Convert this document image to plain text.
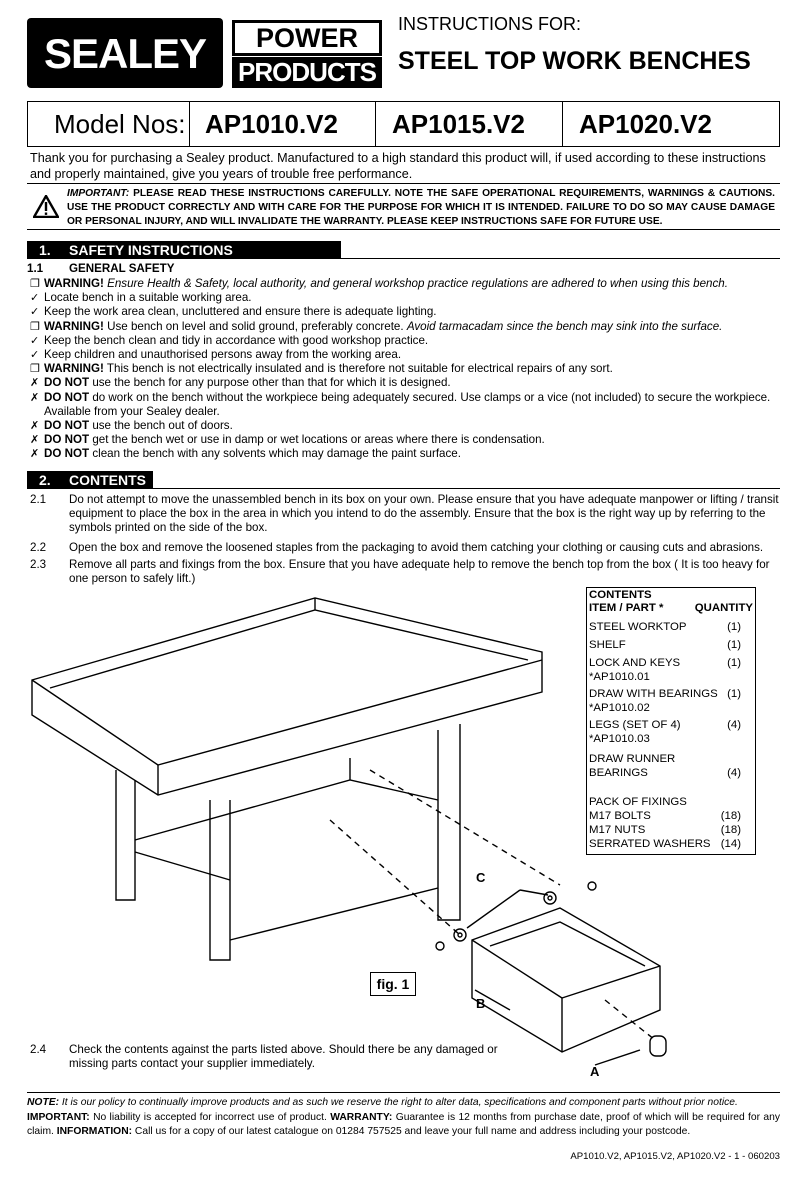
SEALEY	POWER
PRODUCTS
INSTRUCTIONS FOR:
STEEL TOP WORK BENCHES
Model Nos: AP1010.V2 AP1015.V2 AP1020.V2
Thank you for purchasing a Sealey product. Manufactured to a high standard this product will, if used according to these instructions and properly maintained, give you years of trouble free performance.
IMPORTANT: PLEASE READ THESE INSTRUCTIONS CAREFULLY. NOTE THE SAFE OPERATIONAL REQUIREMENTS, WARNINGS & CAUTIONS. USE THE PRODUCT CORRECTLY AND WITH CARE FOR THE PURPOSE FOR WHICH IT IS INTENDED. FAILURE TO DO SO MAY CAUSE DAMAGE OR PERSONAL INJURY, AND WILL INVALIDATE THE WARRANTY. PLEASE KEEP INSTRUCTIONS SAFE FOR FUTURE USE.
1. SAFETY INSTRUCTIONS
1.1 GENERAL SAFETY
❐ WARNING! Ensure Health & Safety, local authority, and general workshop practice regulations are adhered to when using this bench.
✓ Locate bench in a suitable working area.
✓ Keep the work area clean, uncluttered and ensure there is adequate lighting.
❐ WARNING! Use bench on level and solid ground, preferably concrete. Avoid tarmacadam since the bench may sink into the surface.
✓ Keep the bench clean and tidy in accordance with good workshop practice.
✓ Keep children and unauthorised persons away from the working area.
❐ WARNING! This bench is not electrically insulated and is therefore not suitable for electrical repairs of any sort.
✗ DO NOT use the bench for any purpose other than that for which it is designed.
✗ DO NOT do work on the bench without the workpiece being adequately secured. Use clamps or a vice (not included) to secure the workpiece. Available from your Sealey dealer.
✗ DO NOT use the bench out of doors.
✗ DO NOT get the bench wet or use in damp or wet locations or areas where there is condensation.
✗ DO NOT clean the bench with any solvents which may damage the paint surface.
2. CONTENTS
2.1 Do not attempt to move the unassembled bench in its box on your own. Please ensure that you have adequate manpower or lifting / transit equipment to place the box in the area in which you intend to do the assembly. Ensure that the box is the right way up by referring to the symbols printed on the side of the box.
2.2 Open the box and remove the loosened staples from the packaging to avoid them catching your clothing or causing cuts and abrasions.
2.3 Remove all parts and fixings from the box. Ensure that you have adequate help to remove the bench top from the box ( It is too heavy for one person to safely lift.)
CONTENTS
ITEM / PART *	QUANTITY
STEEL WORKTOP	(1)
SHELF	(1)
LOCK AND KEYS	(1)

*AP1010.01
DRAW WITH BEARINGS (1)

*AP1010.02
LEGS (SET OF 4)	(4)

*AP1010.03
DRAW RUNNER
BEARINGS	(4)
PACK OF FIXINGS
M17 BOLTS	(18)
M17 NUTS	(18)
SERRATED WASHERS (14)
C
B
A
fig. 1
2.4 Check the contents against the parts listed above. Should there be any damaged or missing parts contact your supplier immediately.
NOTE: It is our policy to continually improve products and as such we reserve the right to alter data, specifications and component parts without prior notice.
IMPORTANT: No liability is accepted for incorrect use of product. WARRANTY: Guarantee is 12 months from purchase date, proof of which will be required for any claim. INFORMATION: Call us for a copy of our latest catalogue on 01284 757525 and leave your full name and address including your postcode.
AP1010.V2, AP1015.V2, AP1020.V2 - 1 - 060203
